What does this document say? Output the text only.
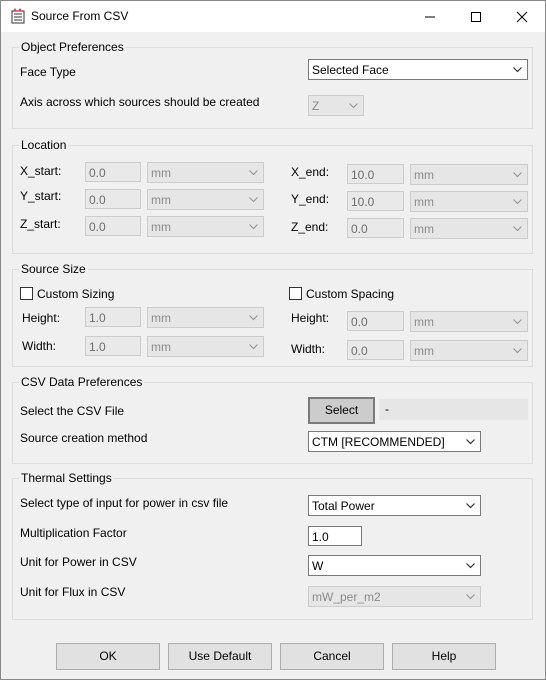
Source From CSV
Object Preferences
Face Type	Selected Face
Axis across which sources should be created	Z
Location
X_start: 0.0	mm
Y_start: 0.0	mm
Z_start: 0.0	mm
X_end: 10.0	mm
Y_end: 10.0	mm
Z_end: 0.0	mm
Source Size
Custom Sizing	Custom Spacing
Height: 1.0	mm
Width:	1.0	mm
Height: 0.0	mm
Width: 0.0	mm
CSV Data Preferences
Select the CSV File	Select	-
Source creation method	CTM [RECOMMENDED]
Thermal Settings
Select type of input for power in csv file	Total Power
Multiplication Factor	1.0
Unit for Power in CSV	W
Unit for Flux in CSV	mW_per_m2
OK	Use Default	Cancel	Help
